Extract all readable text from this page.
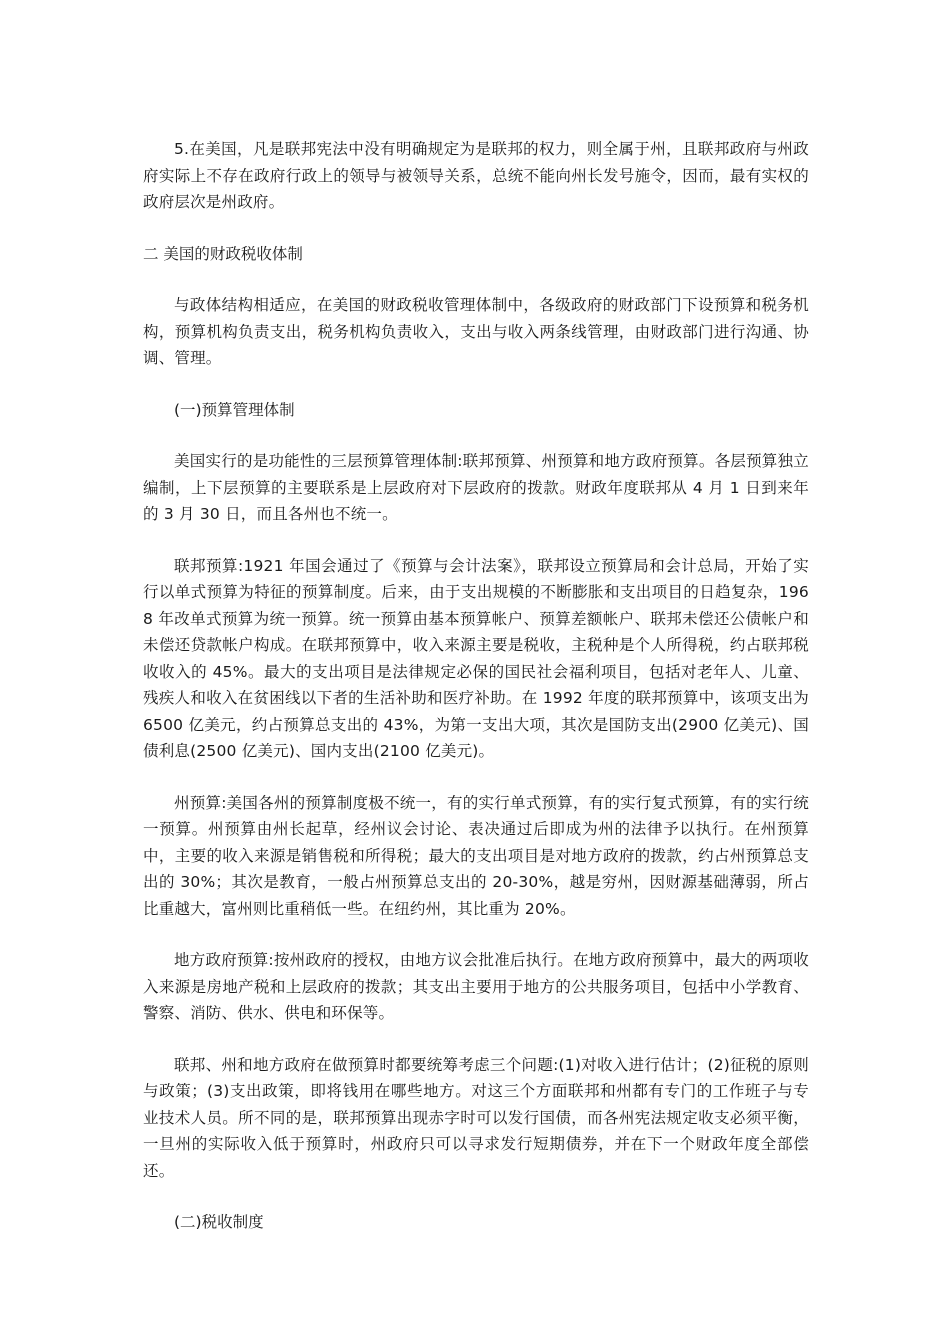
5.在美国，凡是联邦宪法中没有明确规定为是联邦的权力，则全属于州，且联邦政府与州政府实际上不存在政府行政上的领导与被领导关系，总统不能向州长发号施令，因而，最有实权的政府层次是州政府。

二 美国的财政税收体制

与政体结构相适应，在美国的财政税收管理体制中，各级政府的财政部门下设预算和税务机构，预算机构负责支出，税务机构负责收入，支出与收入两条线管理，由财政部门进行沟通、协调、管理。

(一)预算管理体制

美国实行的是功能性的三层预算管理体制:联邦预算、州预算和地方政府预算。各层预算独立编制，上下层预算的主要联系是上层政府对下层政府的拨款。财政年度联邦从 4 月 1 日到来年的 3 月 30 日，而且各州也不统一。

联邦预算:1921 年国会通过了《预算与会计法案》，联邦设立预算局和会计总局，开始了实行以单式预算为特征的预算制度。后来，由于支出规模的不断膨胀和支出项目的日趋复杂，1968 年改单式预算为统一预算。统一预算由基本预算帐户、预算差额帐户、联邦未偿还公债帐户和未偿还贷款帐户构成。在联邦预算中，收入来源主要是税收，主税种是个人所得税，约占联邦税收收入的 45%。最大的支出项目是法律规定必保的国民社会福利项目，包括对老年人、儿童、残疾人和收入在贫困线以下者的生活补助和医疗补助。在 1992 年度的联邦预算中，该项支出为 6500 亿美元，约占预算总支出的 43%，为第一支出大项，其次是国防支出(2900 亿美元)、国债利息(2500 亿美元)、国内支出(2100 亿美元)。

州预算:美国各州的预算制度极不统一，有的实行单式预算，有的实行复式预算，有的实行统一预算。州预算由州长起草，经州议会讨论、表决通过后即成为州的法律予以执行。在州预算中，主要的收入来源是销售税和所得税；最大的支出项目是对地方政府的拨款，约占州预算总支出的 30%；其次是教育，一般占州预算总支出的 20-30%，越是穷州，因财源基础薄弱，所占比重越大，富州则比重稍低一些。在纽约州，其比重为 20%。

地方政府预算:按州政府的授权，由地方议会批准后执行。在地方政府预算中，最大的两项收入来源是房地产税和上层政府的拨款；其支出主要用于地方的公共服务项目，包括中小学教育、警察、消防、供水、供电和环保等。

联邦、州和地方政府在做预算时都要统筹考虑三个问题:(1)对收入进行估计；(2)征税的原则与政策；(3)支出政策，即将钱用在哪些地方。对这三个方面联邦和州都有专门的工作班子与专业技术人员。所不同的是，联邦预算出现赤字时可以发行国债，而各州宪法规定收支必须平衡，一旦州的实际收入低于预算时，州政府只可以寻求发行短期债券，并在下一个财政年度全部偿还。

(二)税收制度
